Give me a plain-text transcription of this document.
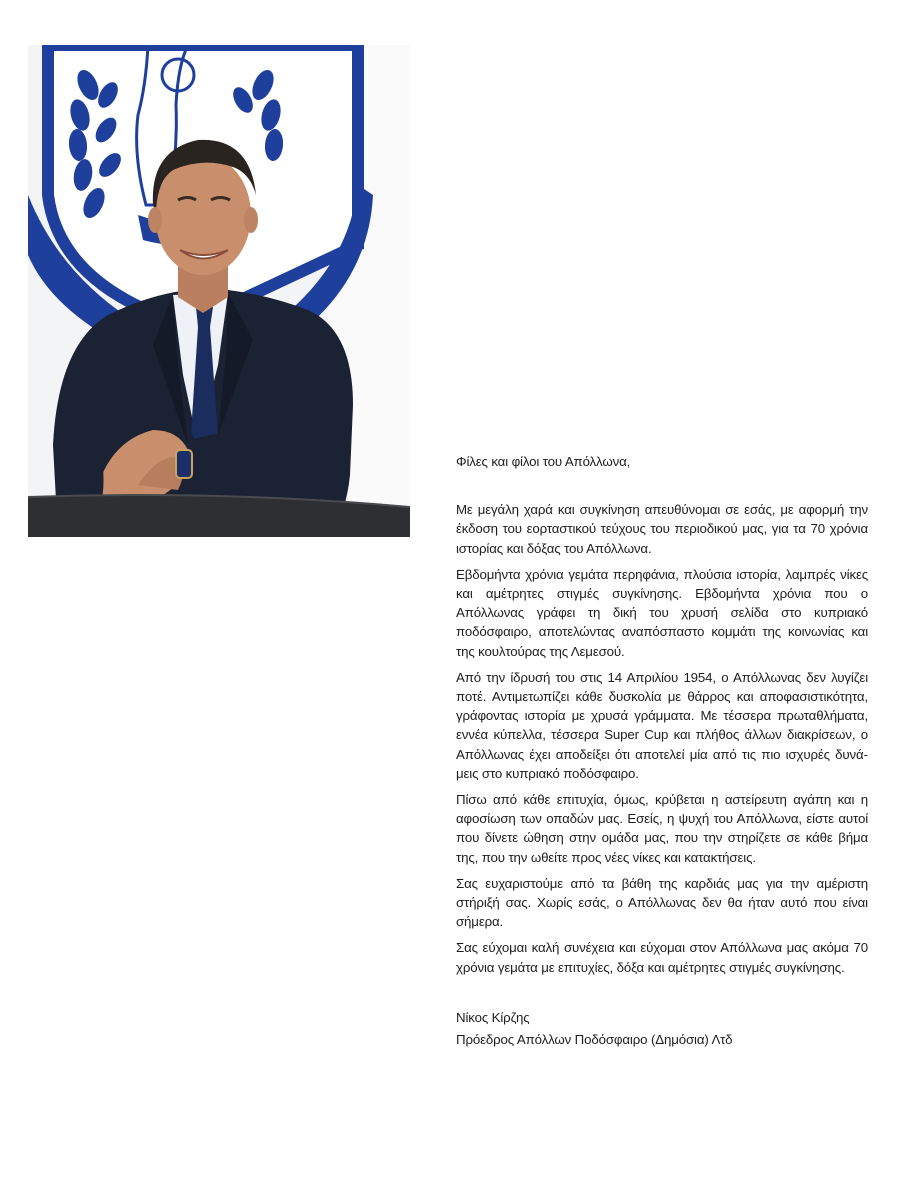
Φίλες και φίλοι του Απόλλωνα,

Με μεγάλη χαρά και συγκίνηση απευθύνομαι σε εσάς, με αφορμή την έκδοση του εορταστικού τεύχους του περιοδικού μας, για τα 70 χρόνια ιστορίας και δόξας του Απόλλωνα.

Εβδομήντα χρόνια γεμάτα περηφάνια, πλούσια ιστορία, λαμπρές νίκες και αμέτρητες στιγμές συγκίνησης. Εβδομήντα χρόνια που ο Απόλλωνας γράφει τη δική του χρυσή σελίδα στο κυπριακό ποδόσφαιρο, αποτελώντας αναπόσπαστο κομμάτι της κοινωνίας και της κουλτούρας της Λεμεσού.

Από την ίδρυσή του στις 14 Απριλίου 1954, ο Απόλλωνας δεν λυγίζει ποτέ. Αντιμετωπίζει κάθε δυσκολία με θάρρος και αποφασιστικότητα, γράφοντας ιστορία με χρυσά γράμματα. Με τέσσερα πρωταθλήματα, εννέα κύπελλα, τέσσερα Super Cup και πλήθος άλλων διακρίσεων, ο Απόλλωνας έχει αποδείξει ότι αποτελεί μία από τις πιο ισχυρές δυνάμεις στο κυπριακό ποδόσφαιρο.

Πίσω από κάθε επιτυχία, όμως, κρύβεται η αστείρευτη αγάπη και η αφοσίωση των οπαδών μας. Εσείς, η ψυχή του Απόλλωνα, είστε αυτοί που δίνετε ώθηση στην ομάδα μας, που την στηρίζετε σε κάθε βήμα της, που την ωθείτε προς νέες νίκες και κατακτήσεις.

Σας ευχαριστούμε από τα βάθη της καρδιάς μας για την αμέριστη στήριξή σας. Χωρίς εσάς, ο Απόλλωνας δεν θα ήταν αυτό που είναι σήμερα.

Σας εύχομαι καλή συνέχεια και εύχομαι στον Απόλλωνα μας ακόμα 70 χρόνια γεμάτα με επιτυχίες, δόξα και αμέτρητες στιγμές συγκίνησης.

Νίκος Κίρζης
Πρόεδρος Απόλλων Ποδόσφαιρο (Δημόσια) Λτδ
